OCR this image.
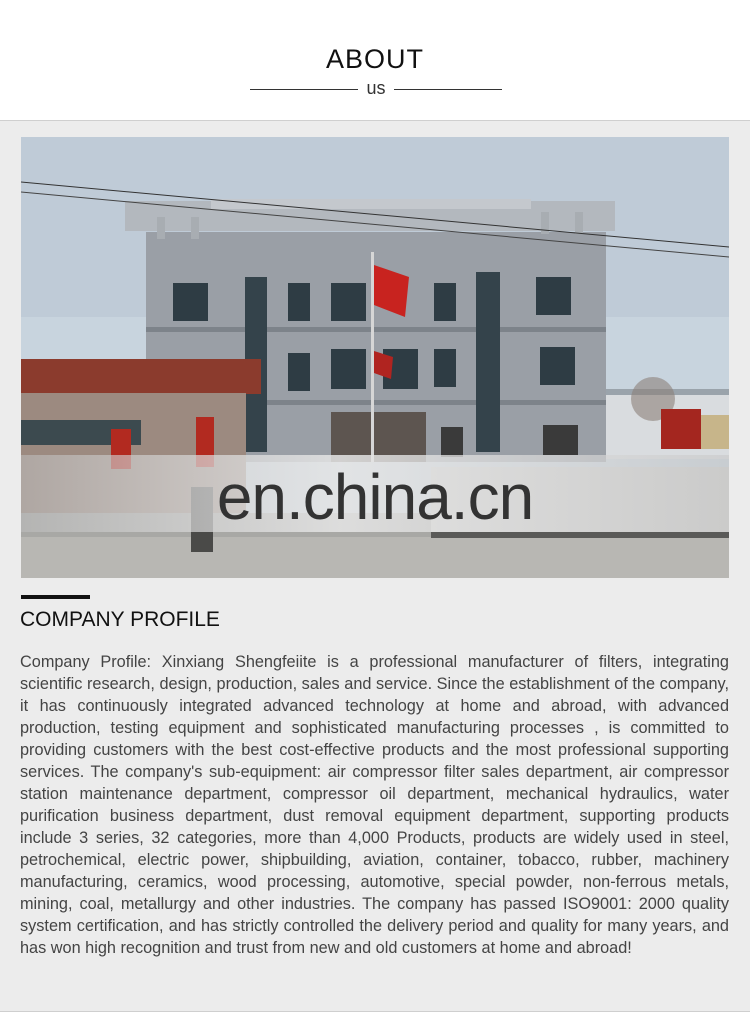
ABOUT
us
en.china.cn
COMPANY PROFILE
Company Profile: Xinxiang Shengfeiite is a professional manufacturer of filters, integrating scientific research, design, production, sales and service. Since the establishment of the company, it has continuously integrated advanced technology at home and abroad, with advanced production, testing equipment and sophisticated manufacturing processes , is committed to providing customers with the best cost-effective products and the most professional supporting services. The company's sub-equipment: air compressor filter sales department, air compressor station maintenance department, compressor oil department, mechanical hydraulics, water purification business department, dust removal equipment department, supporting products include 3 series, 32 categories, more than 4,000 Products, products are widely used in steel, petrochemical, electric power, shipbuilding, aviation, container, tobacco, rubber, machinery manufacturing, ceramics, wood processing, automotive, special powder, non-ferrous metals, mining, coal, metallurgy and other industries. The company has passed ISO9001: 2000 quality system certification, and has strictly controlled the delivery period and quality for many years, and has won high recognition and trust from new and old customers at home and abroad!
